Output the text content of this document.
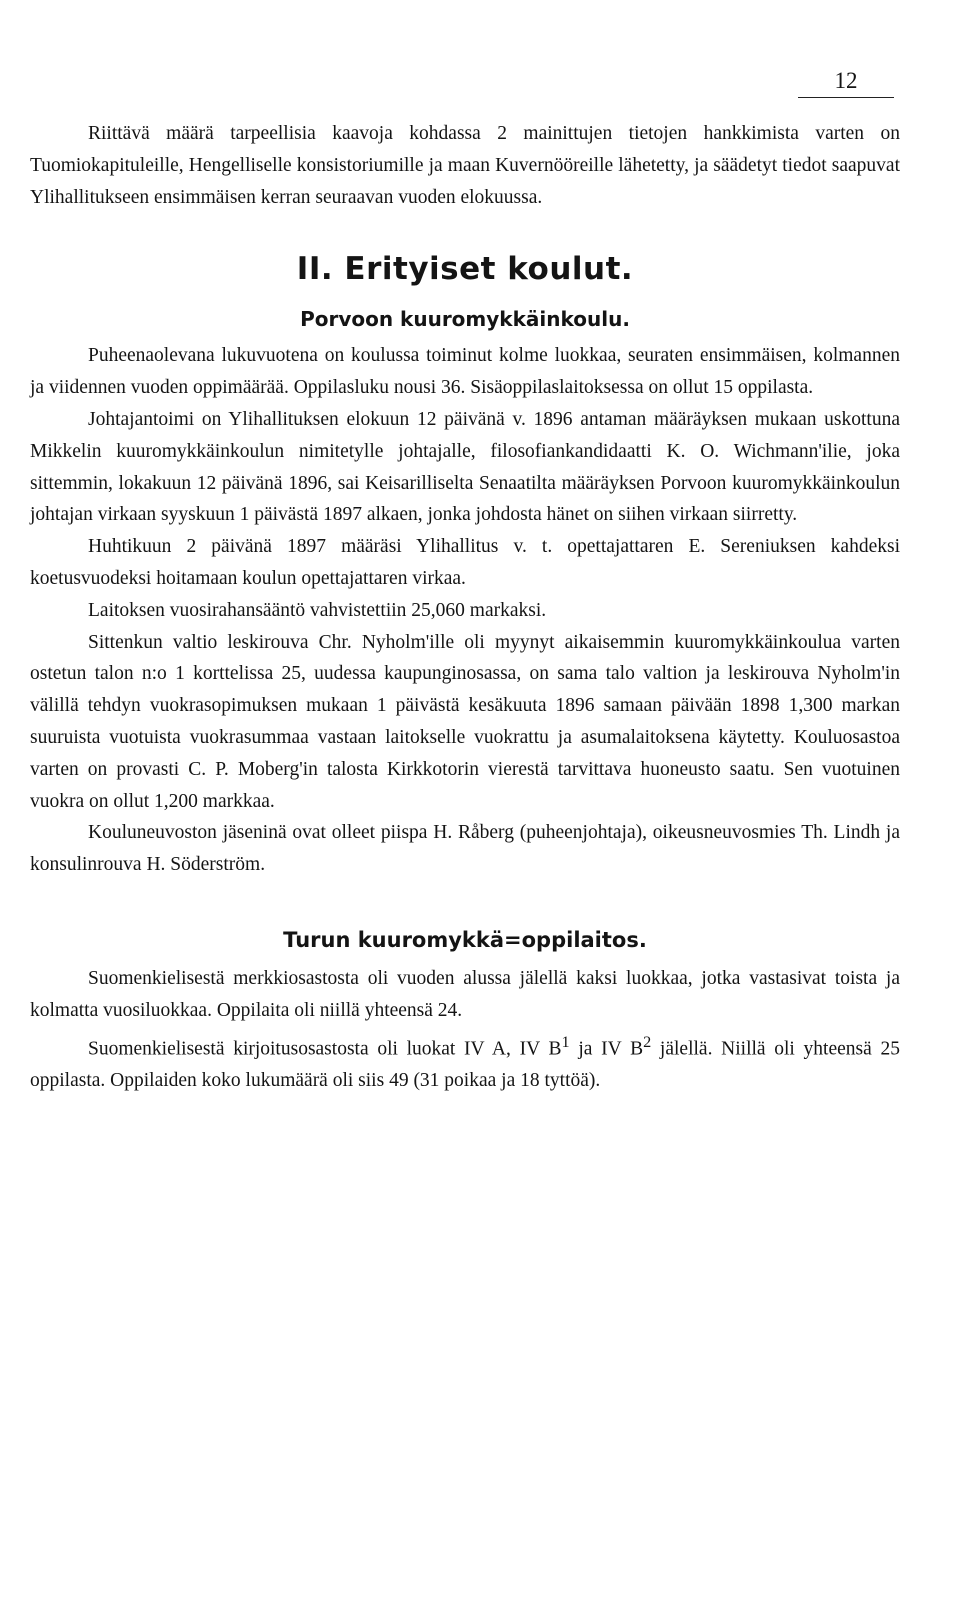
12

Riittävä määrä tarpeellisia kaavoja kohdassa 2 mainittujen tietojen hankkimista varten on Tuomiokapituleille, Hengelliselle konsistoriumille ja maan Kuvernööreille lähetetty, ja säädetyt tiedot saapuvat Ylihallitukseen ensimmäisen kerran seuraavan vuoden elokuussa.

II. Erityiset koulut.
Porvoon kuuromykkäinkoulu.

Puheenaolevana lukuvuotena on koulussa toiminut kolme luokkaa, seuraten ensimmäisen, kolmannen ja viidennen vuoden oppimäärää. Oppilasluku nousi 36. Sisäoppilaslaitoksessa on ollut 15 oppilasta.

Johtajantoimi on Ylihallituksen elokuun 12 päivänä v. 1896 antaman määräyksen mukaan uskottuna Mikkelin kuuromykkäinkoulun nimitetylle johtajalle, filosofiankandidaatti K. O. Wichmann'ilie, joka sittemmin, lokakuun 12 päivänä 1896, sai Keisarilliselta Senaatilta määräyksen Porvoon kuuromykkäinkoulun johtajan virkaan syyskuun 1 päivästä 1897 alkaen, jonka johdosta hänet on siihen virkaan siirretty.

Huhtikuun 2 päivänä 1897 määräsi Ylihallitus v. t. opettajattaren E. Sereniuksen kahdeksi koetusvuodeksi hoitamaan koulun opettajattaren virkaa.

Laitoksen vuosirahansääntö vahvistettiin 25,060 markaksi.

Sittenkun valtio leskirouva Chr. Nyholm'ille oli myynyt aikaisemmin kuuromykkäinkoulua varten ostetun talon n:o 1 korttelissa 25, uudessa kaupunginosassa, on sama talo valtion ja leskirouva Nyholm'in välillä tehdyn vuokrasopimuksen mukaan 1 päivästä kesäkuuta 1896 samaan päivään 1898 1,300 markan suuruista vuotuista vuokrasummaa vastaan laitokselle vuokrattu ja asumalaitoksena käytetty. Kouluosastoa varten on provasti C. P. Moberg'in talosta Kirkkotorin vierestä tarvittava huoneusto saatu. Sen vuotuinen vuokra on ollut 1,200 markkaa.

Kouluneuvoston jäseninä ovat olleet piispa H. Råberg (puheenjohtaja), oikeusneuvosmies Th. Lindh ja konsulinrouva H. Söderström.

Turun kuuromykkä=oppilaitos.

Suomenkielisestä merkkiosastosta oli vuoden alussa jälellä kaksi luokkaa, jotka vastasivat toista ja kolmatta vuosiluokkaa. Oppilaita oli niillä yhteensä 24.

Suomenkielisestä kirjoitusosastosta oli luokat IV A, IV $B^1$ ja IV $B^2$ jälellä. Niillä oli yhteensä 25 oppilasta. Oppilaiden koko lukumäärä oli siis 49 (31 poikaa ja 18 tyttöä).
